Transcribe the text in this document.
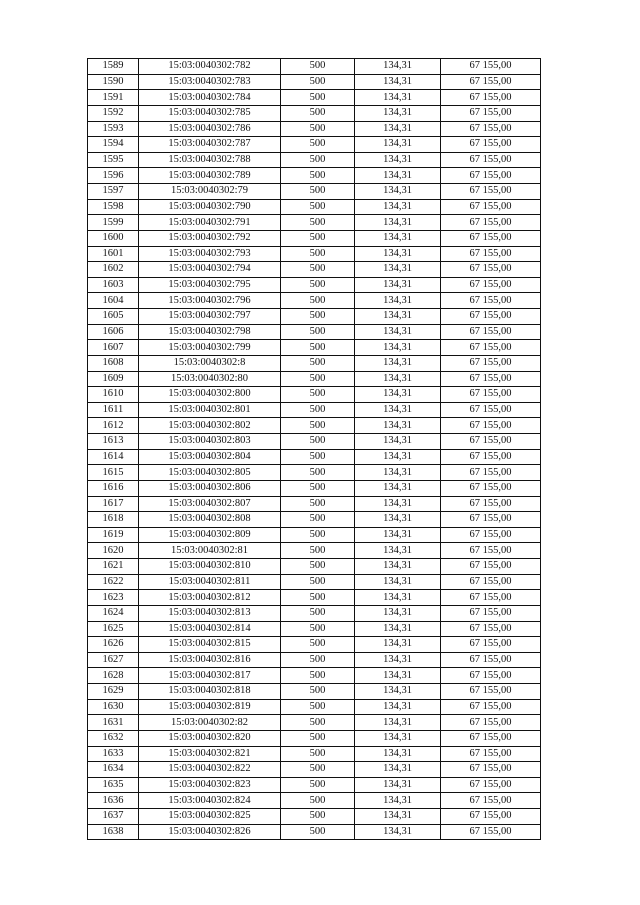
1589	15:03:0040302:782	500	134,31	67 155,00
1590	15:03:0040302:783	500	134,31	67 155,00
1591	15:03:0040302:784	500	134,31	67 155,00
1592	15:03:0040302:785	500	134,31	67 155,00
1593	15:03:0040302:786	500	134,31	67 155,00
1594	15:03:0040302:787	500	134,31	67 155,00
1595	15:03:0040302:788	500	134,31	67 155,00
1596	15:03:0040302:789	500	134,31	67 155,00
1597	15:03:0040302:79	500	134,31	67 155,00
1598	15:03:0040302:790	500	134,31	67 155,00
1599	15:03:0040302:791	500	134,31	67 155,00
1600	15:03:0040302:792	500	134,31	67 155,00
1601	15:03:0040302:793	500	134,31	67 155,00
1602	15:03:0040302:794	500	134,31	67 155,00
1603	15:03:0040302:795	500	134,31	67 155,00
1604	15:03:0040302:796	500	134,31	67 155,00
1605	15:03:0040302:797	500	134,31	67 155,00
1606	15:03:0040302:798	500	134,31	67 155,00
1607	15:03:0040302:799	500	134,31	67 155,00
1608	15:03:0040302:8	500	134,31	67 155,00
1609	15:03:0040302:80	500	134,31	67 155,00
1610	15:03:0040302:800	500	134,31	67 155,00
1611	15:03:0040302:801	500	134,31	67 155,00
1612	15:03:0040302:802	500	134,31	67 155,00
1613	15:03:0040302:803	500	134,31	67 155,00
1614	15:03:0040302:804	500	134,31	67 155,00
1615	15:03:0040302:805	500	134,31	67 155,00
1616	15:03:0040302:806	500	134,31	67 155,00
1617	15:03:0040302:807	500	134,31	67 155,00
1618	15:03:0040302:808	500	134,31	67 155,00
1619	15:03:0040302:809	500	134,31	67 155,00
1620	15:03:0040302:81	500	134,31	67 155,00
1621	15:03:0040302:810	500	134,31	67 155,00
1622	15:03:0040302:811	500	134,31	67 155,00
1623	15:03:0040302:812	500	134,31	67 155,00
1624	15:03:0040302:813	500	134,31	67 155,00
1625	15:03:0040302:814	500	134,31	67 155,00
1626	15:03:0040302:815	500	134,31	67 155,00
1627	15:03:0040302:816	500	134,31	67 155,00
1628	15:03:0040302:817	500	134,31	67 155,00
1629	15:03:0040302:818	500	134,31	67 155,00
1630	15:03:0040302:819	500	134,31	67 155,00
1631	15:03:0040302:82	500	134,31	67 155,00
1632	15:03:0040302:820	500	134,31	67 155,00
1633	15:03:0040302:821	500	134,31	67 155,00
1634	15:03:0040302:822	500	134,31	67 155,00
1635	15:03:0040302:823	500	134,31	67 155,00
1636	15:03:0040302:824	500	134,31	67 155,00
1637	15:03:0040302:825	500	134,31	67 155,00
1638	15:03:0040302:826	500	134,31	67 155,00
